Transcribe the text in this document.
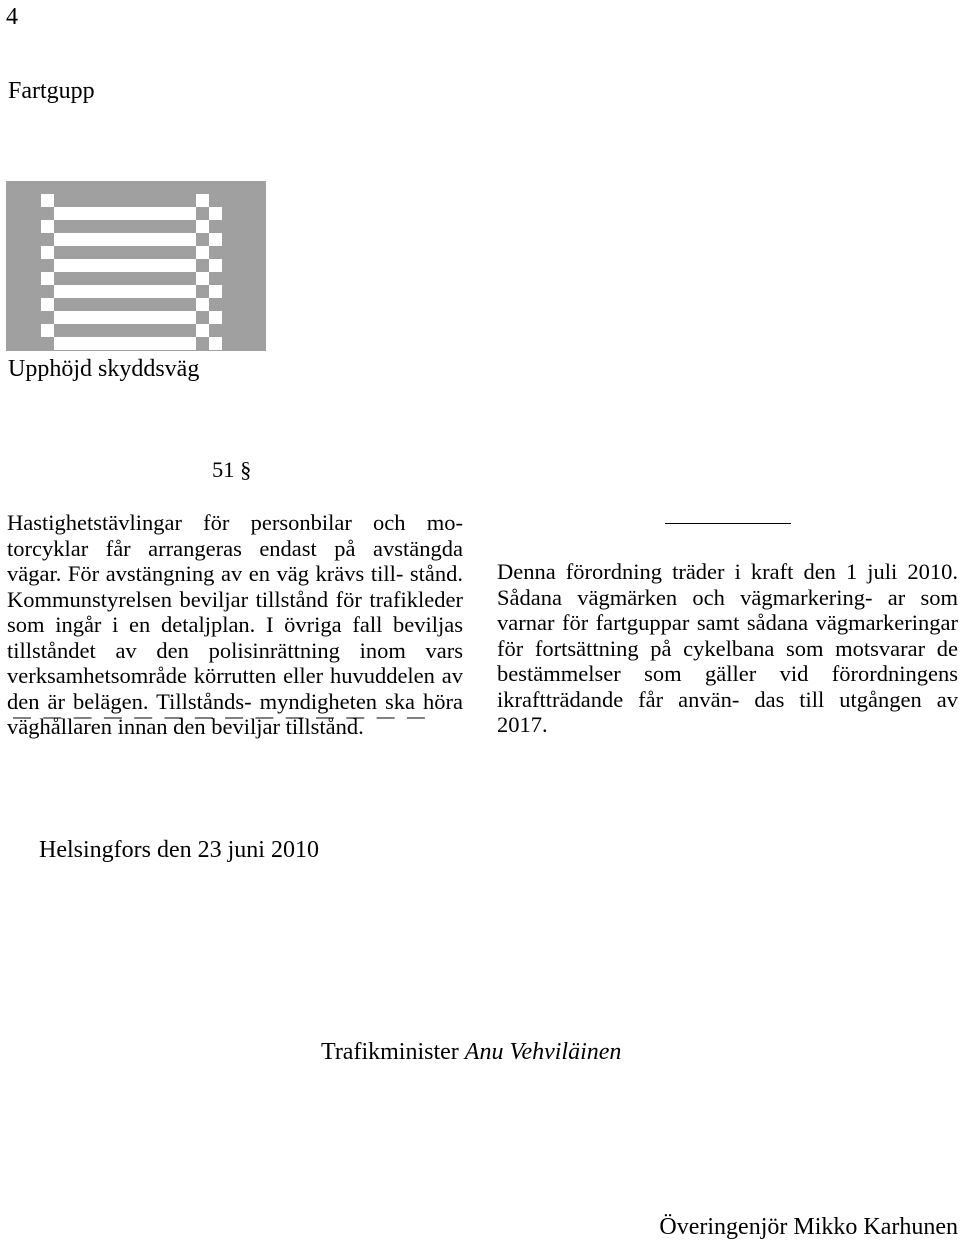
4
Fartgupp
Upphöjd skyddsväg
51 §
Hastighetstävlingar för personbilar och mo- torcyklar får arrangeras endast på avstängda vägar. För avstängning av en väg krävs till- stånd. Kommunstyrelsen beviljar tillstånd för trafikleder som ingår i en detaljplan. I övriga fall beviljas tillståndet av den polisinrättning inom vars verksamhetsområde körrutten eller huvuddelen av den är belägen. Tillstånds- myndigheten ska höra väghållaren innan den beviljar tillstånd.
Denna förordning träder i kraft den 1 juli 2010. Sådana vägmärken och vägmarkering- ar som varnar för fartguppar samt sådana vägmarkeringar för fortsättning på cykelbana som motsvarar de bestämmelser som gäller vid förordningens ikraftträdande får använ- das till utgången av 2017.
Helsingfors den 23 juni 2010
Trafikminister Anu Vehviläinen
Överingenjör Mikko Karhunen
